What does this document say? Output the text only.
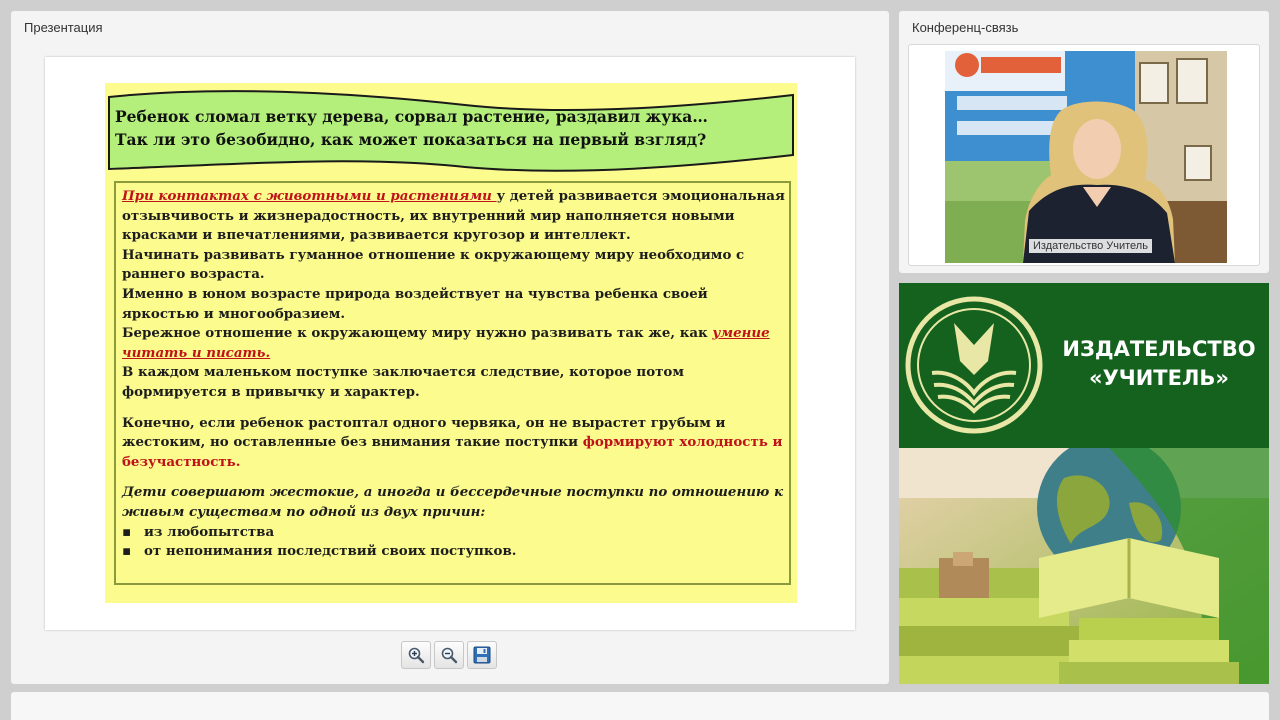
Презентация
Ребенок сломал ветку дерева, сорвал растение, раздавил жука…
Так ли это безобидно, как может показаться на первый взгляд?

При контактах с животными и растениями у детей развивается эмоциональная отзывчивость и жизнерадостность, их внутренний мир наполняется новыми красками и впечатлениями, развивается кругозор и интеллект.

Начинать развивать гуманное отношение к окружающему миру необходимо с раннего возраста.

Именно в юном возрасте природа воздействует на чувства ребенка своей яркостью и многообразием.

Бережное отношение к окружающему миру нужно развивать так же, как умение читать и писать.

В каждом маленьком поступке заключается следствие, которое потом формируется в привычку и характер.

Конечно, если ребенок растоптал одного червяка, он не вырастет грубым и жестоким, но оставленные без внимания такие поступки формируют холодность и безучастность.

Дети совершают жестокие, а иногда и бессердечные поступки по отношению к живым существам по одной из двух причин:

▪ из любопытства
▪ от непонимания последствий своих поступков.
Конференц-связь
Издательство Учитель
ИЗДАТЕЛЬСТВО
«УЧИТЕЛЬ»
